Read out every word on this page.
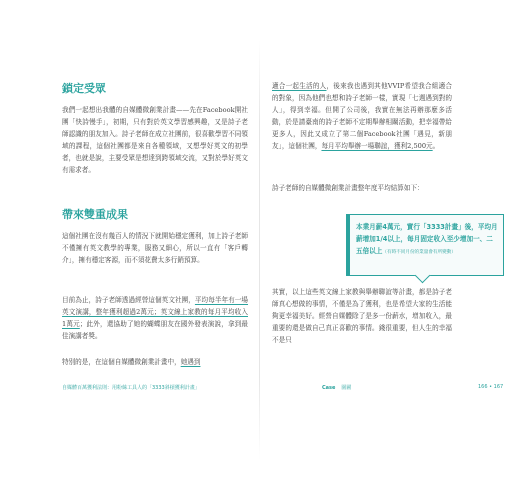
鎖定受眾

我們一起想出我體的自媒體微創業計畫——先在Facebook開社團「快詩慢手」，初期，只有對於英文學習感興趣，又是詩子老師認識的朋友加入。詩子老師在成立社團前，很喜歡學習不同領域的課程，這個社團都是來自各種領域，又想學好英文的初學者，也就是說，主要受眾是想達到跨領域交流，又對於學好英文有需求者。

帶來雙重成果

這個社團在沒有幾百人的情況下就開始穩定獲利，加上詩子老師不僅擁有英文教學的專業，服務又細心，所以一直有「客戶轉介」，擁有穩定客源，而不須花費太多行銷預算。

目前為止，詩子老師透過經營這個英文社團，平均每半年有一場英文演講，整年獲利超過2萬元；英文線上家教的每月平均收入1萬元；此外，還協助了她的蝴蝶朋友在國外發表演說，拿到最佳演講者獎。

特別的是，在這個自媒體微創業計畫中，她遇到

自媒體百萬獲利法則：用粉絲工具人的「3333斜槓獲利計畫」

適合一起生活的人，後來我也遇到其他VVIP希望我合組適合的對象，因為他們也想和詩子老師一樣，實現「七週遇到對的人」，得到幸福。但開了公司後，我實在無法再辦那麼多活動，於是請臺南的詩子老師不定期舉辦相關活動，把幸福帶給更多人，因此又成立了第二個Facebook社團「遇見，新朋友」，這個社團，每月平均舉辦一場聯誼，獲利2,500元。

詩子老師的自媒體微創業計畫整年度平均結算如下：

本業月薪4萬元，實行「3333計畫」後，平均月薪增加1/4以上，每月固定收入至少增加一、二五倍以上（有時不同月份的業量會有所變動）

其實，以上這些英文線上家教與舉辦聯誼等計畫，都是詩子老師真心想做的事情，不僅是為了獲利，也是希望大家的生活能夠更幸福美好。經營自媒體除了是多一份薪水，增加收入，最重要的還是做自己真正喜歡的事情。錢很重要，但人生的幸福不是只

Case 園圃	166 • 167
